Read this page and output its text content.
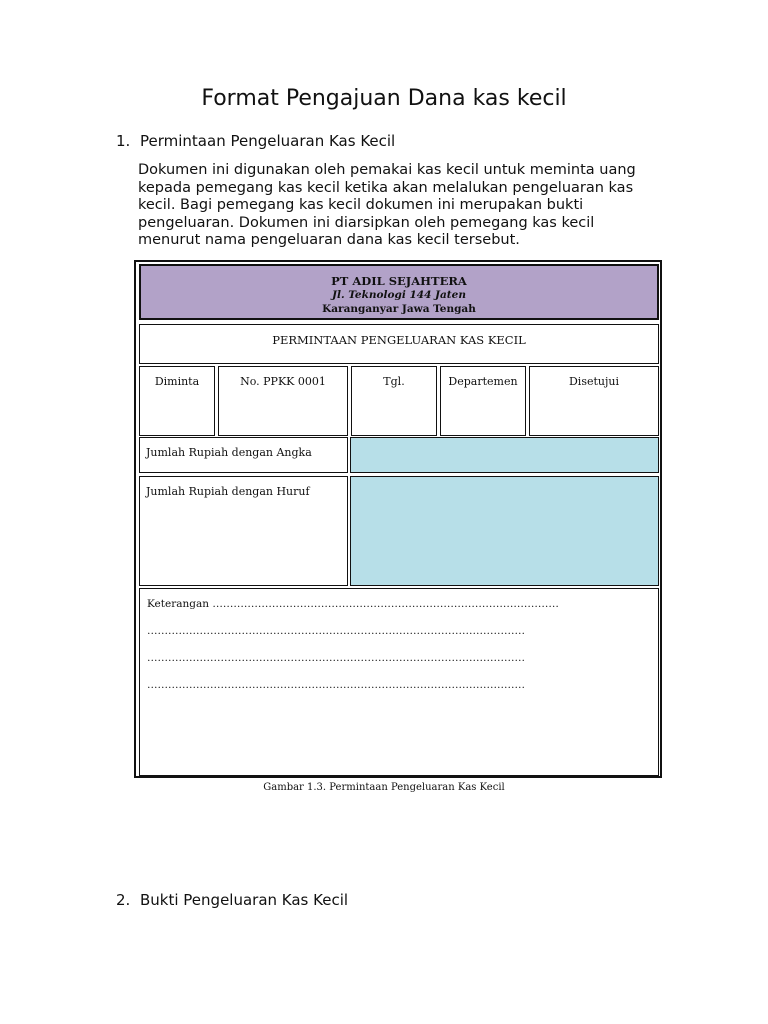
Format Pengajuan Dana kas kecil
1. Permintaan Pengeluaran Kas Kecil
Dokumen ini digunakan oleh pemakai kas kecil untuk meminta uang
kepada pemegang kas kecil ketika akan melalukan pengeluaran kas
kecil. Bagi pemegang kas kecil dokumen ini merupakan bukti
pengeluaran. Dokumen ini diarsipkan oleh pemegang kas kecil
menurut nama pengeluaran dana kas kecil tersebut.
PT ADIL SEJAHTERA
Jl. Teknologi 144 Jaten
Karanganyar Jawa Tengah
PERMINTAAN PENGELUARAN KAS KECIL
Diminta	No. PPKK 0001	Tgl.	Departemen	Disetujui
Jumlah Rupiah dengan Angka
Jumlah Rupiah dengan Huruf
Keterangan ………………………………………………………………………………………
………………………………………………………………………………………………
………………………………………………………………………………………………
………………………………………………………………………………………………
Gambar 1.3. Permintaan Pengeluaran Kas Kecil
2. Bukti Pengeluaran Kas Kecil
